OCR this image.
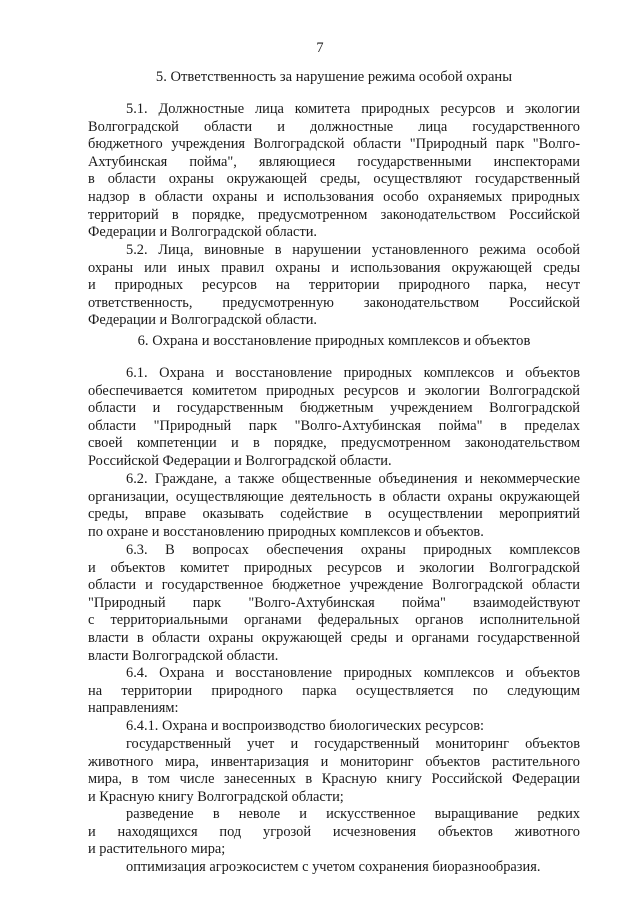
7
5. Ответственность за нарушение режима особой охраны
5.1. Должностные лица комитета природных ресурсов и экологии
Волгоградской области и должностные лица государственного
бюджетного учреждения Волгоградской области "Природный парк "Волго-
Ахтубинская пойма", являющиеся государственными инспекторами
в области охраны окружающей среды, осуществляют государственный
надзор в области охраны и использования особо охраняемых природных
территорий в порядке, предусмотренном законодательством Российской
Федерации и Волгоградской области.
5.2. Лица, виновные в нарушении установленного режима особой
охраны или иных правил охраны и использования окружающей среды
и природных ресурсов на территории природного парка, несут
ответственность, предусмотренную законодательством Российской
Федерации и Волгоградской области.
6. Охрана и восстановление природных комплексов и объектов
6.1. Охрана и восстановление природных комплексов и объектов
обеспечивается комитетом природных ресурсов и экологии Волгоградской
области и государственным бюджетным учреждением Волгоградской
области "Природный парк "Волго-Ахтубинская пойма" в пределах
своей компетенции и в порядке, предусмотренном законодательством
Российской Федерации и Волгоградской области.
6.2. Граждане, а также общественные объединения и некоммерческие
организации, осуществляющие деятельность в области охраны окружающей
среды, вправе оказывать содействие в осуществлении мероприятий
по охране и восстановлению природных комплексов и объектов.
6.3. В вопросах обеспечения охраны природных комплексов
и объектов комитет природных ресурсов и экологии Волгоградской
области и государственное бюджетное учреждение Волгоградской области
"Природный парк "Волго-Ахтубинская пойма" взаимодействуют
с территориальными органами федеральных органов исполнительной
власти в области охраны окружающей среды и органами государственной
власти Волгоградской области.
6.4. Охрана и восстановление природных комплексов и объектов
на территории природного парка осуществляется по следующим
направлениям:
6.4.1. Охрана и воспроизводство биологических ресурсов:
государственный учет и государственный мониторинг объектов
животного мира, инвентаризация и мониторинг объектов растительного
мира, в том числе занесенных в Красную книгу Российской Федерации
и Красную книгу Волгоградской области;
разведение в неволе и искусственное выращивание редких
и находящихся под угрозой исчезновения объектов животного
и растительного мира;
оптимизация агроэкосистем с учетом сохранения биоразнообразия.
